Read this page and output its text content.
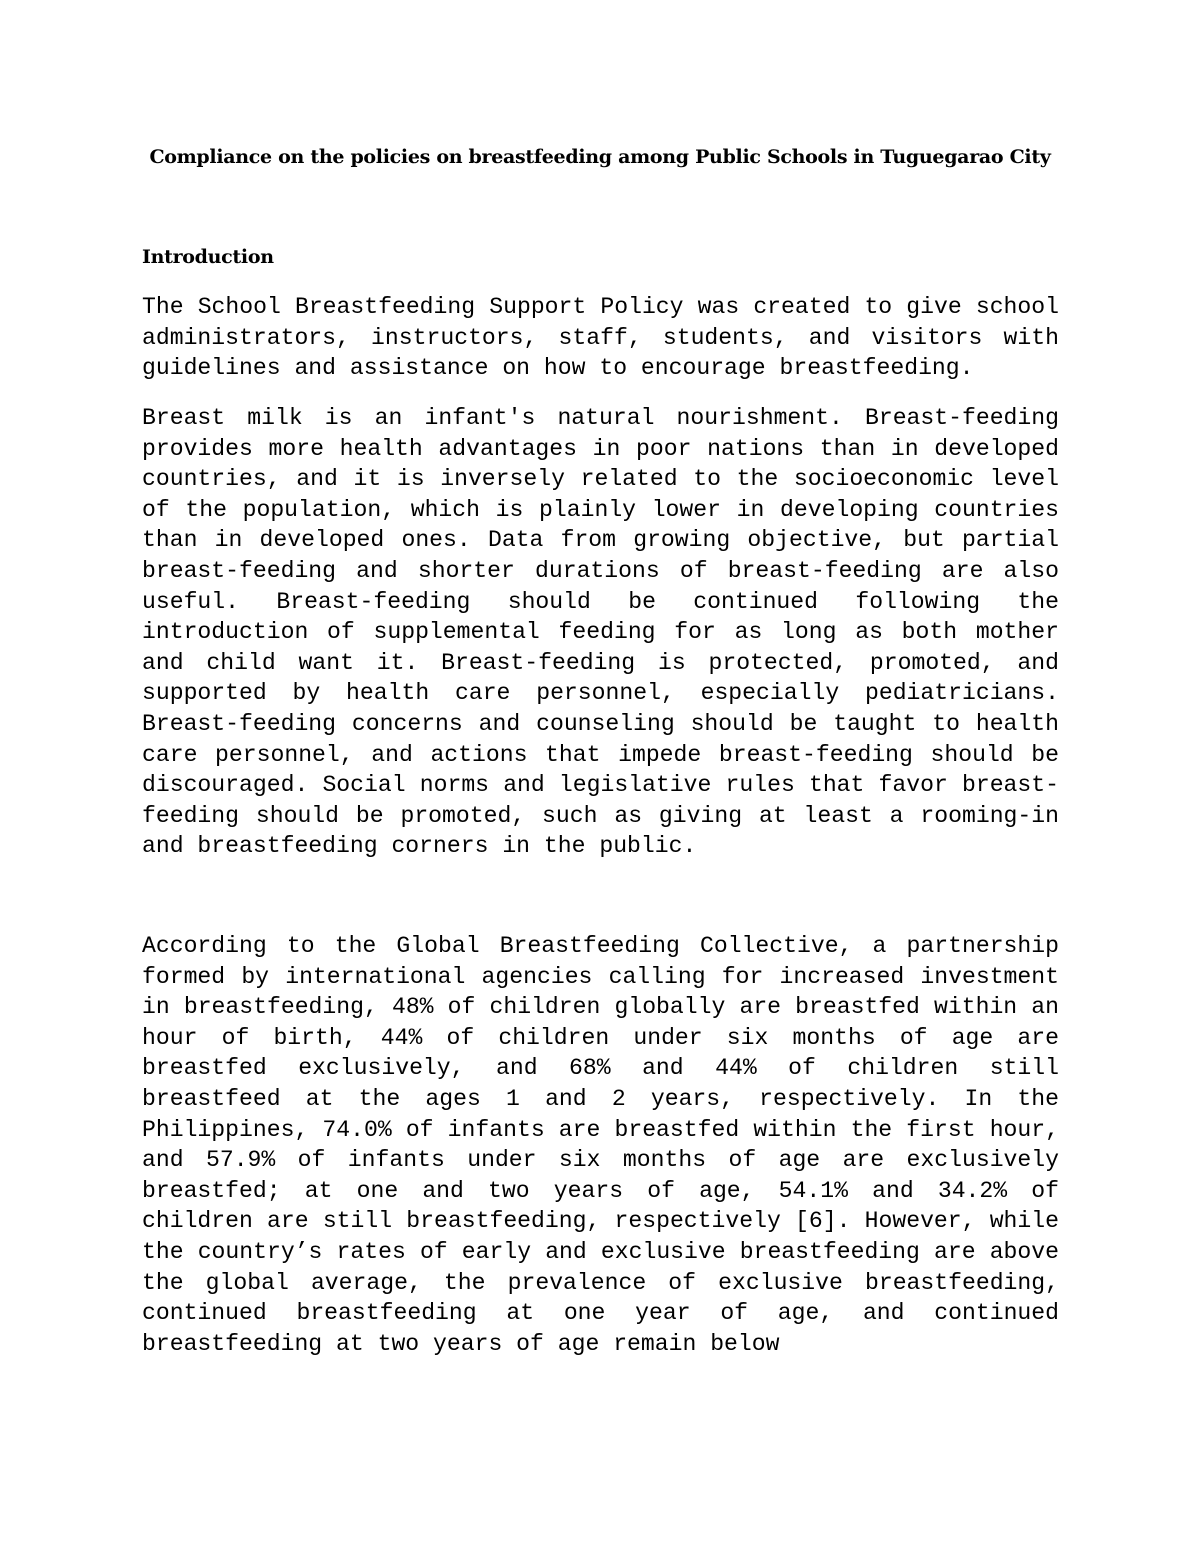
Compliance on the policies on breastfeeding among Public Schools in Tuguegarao City
Introduction

The School Breastfeeding Support Policy was created to give school administrators, instructors, staff, students, and visitors with guidelines and assistance on how to encourage breastfeeding.

Breast milk is an infant's natural nourishment. Breast-feeding provides more health advantages in poor nations than in developed countries, and it is inversely related to the socioeconomic level of the population, which is plainly lower in developing countries than in developed ones. Data from growing objective, but partial breast-feeding and shorter durations of breast-feeding are also useful. Breast-feeding should be continued following the introduction of supplemental feeding for as long as both mother and child want it. Breast-feeding is protected, promoted, and supported by health care personnel, especially pediatricians. Breast-feeding concerns and counseling should be taught to health care personnel, and actions that impede breast-feeding should be discouraged. Social norms and legislative rules that favor breast-feeding should be promoted, such as giving at least a rooming-in and breastfeeding corners in the public.

According to the Global Breastfeeding Collective, a partnership formed by international agencies calling for increased investment in breastfeeding, 48% of children globally are breastfed within an hour of birth, 44% of children under six months of age are breastfed exclusively, and 68% and 44% of children still breastfeed at the ages 1 and 2 years, respectively. In the Philippines, 74.0% of infants are breastfed within the first hour, and 57.9% of infants under six months of age are exclusively breastfed; at one and two years of age, 54.1% and 34.2% of children are still breastfeeding, respectively [6]. However, while the country’s rates of early and exclusive breastfeeding are above the global average, the prevalence of exclusive breastfeeding, continued breastfeeding at one year of age, and continued breastfeeding at two years of age remain below
